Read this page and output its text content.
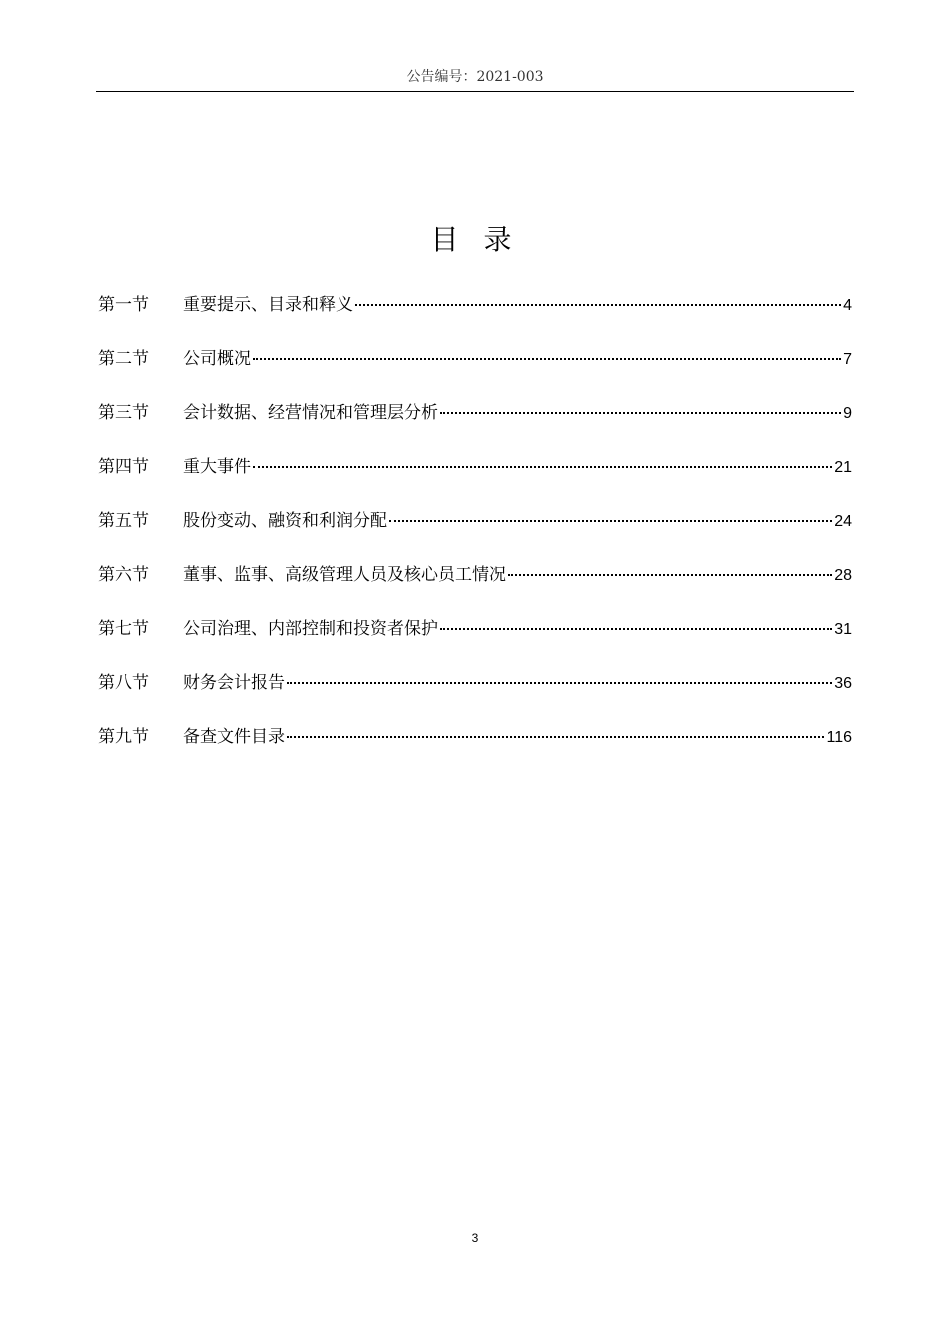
公告编号：2021-003
目 录
第一节	重要提示、目录和释义	4
第二节	公司概况	7
第三节	会计数据、经营情况和管理层分析	9
第四节	重大事件	21
第五节	股份变动、融资和利润分配	24
第六节	董事、监事、高级管理人员及核心员工情况	28
第七节	公司治理、内部控制和投资者保护	31
第八节	财务会计报告	36
第九节	备查文件目录	116
3
